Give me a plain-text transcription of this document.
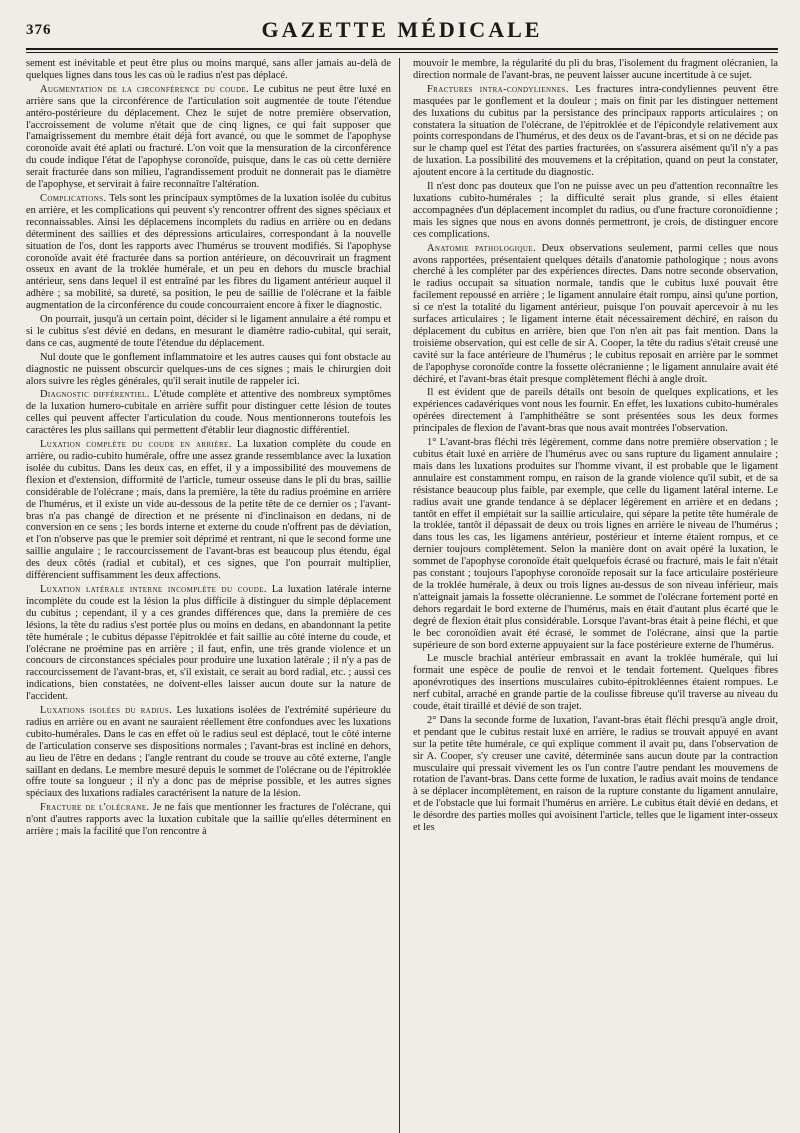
376	GAZETTE MÉDICALE

sement est inévitable et peut être plus ou moins marqué, sans aller jamais au-delà de quelques lignes dans tous les cas où le radius n'est pas déplacé.

Augmentation de la circonférence du coude. Le cubitus ne peut être luxé en arrière sans que la circonférence de l'articulation soit augmentée de toute l'étendue antéro-postérieure du déplacement. Chez le sujet de notre première observation, l'accroissement de volume n'était que de cinq lignes, ce qui fait supposer que l'amaigrissement du membre était déjà fort avancé, ou que le sommet de l'apophyse coronoïde avait été aplati ou fracturé. L'on voit que la mensuration de la circonférence du coude indique l'état de l'apophyse coronoïde, puisque, dans le cas où cette dernière serait fracturée dans son milieu, l'agrandissement produit ne donnerait pas le diamètre de l'apophyse, et servirait à faire reconnaître l'altération.

Complications. Tels sont les principaux symptômes de la luxation isolée du cubitus en arrière, et les complications qui peuvent s'y rencontrer offrent des signes spéciaux et reconnaissables. Ainsi les déplacemens incomplets du radius en arrière ou en dedans déterminent des saillies et des dépressions articulaires, correspondant à la nouvelle situation de l'os, dont les rapports avec l'humérus se trouvent modifiés. Si l'apophyse coronoïde avait été fracturée dans sa portion antérieure, on découvrirait un fragment osseux en avant de la troklée humérale, et un peu en dehors du muscle brachial antérieur, sens dans lequel il est entraîné par les fibres du ligament antérieur auquel il adhère ; sa mobilité, sa dureté, sa position, le peu de saillie de l'olécrane et la faible augmentation de la circonférence du coude concourraient encore à fixer le diagnostic.

On pourrait, jusqu'à un certain point, décider si le ligament annulaire a été rompu et si le cubitus s'est dévié en dedans, en mesurant le diamètre radio-cubital, qui serait, dans ce cas, augmenté de toute l'étendue du déplacement.

Nul doute que le gonflement inflammatoire et les autres causes qui font obstacle au diagnostic ne puissent obscurcir quelques-uns de ces signes ; mais le chirurgien doit alors suivre les règles générales, qu'il serait inutile de rappeler ici.

Diagnostic différentiel. L'étude complète et attentive des nombreux symptômes de la luxation humero-cubitale en arrière suffit pour distinguer cette lésion de toutes celles qui peuvent affecter l'articulation du coude. Nous mentionnerons toutefois les caractères les plus saillans qui permettent d'établir leur diagnostic différentiel.

Luxation complète du coude en arrière. La luxation complète du coude en arrière, ou radio-cubito humérale, offre une assez grande ressemblance avec la luxation isolée du cubitus. Dans les deux cas, en effet, il y a impossibilité des mouvemens de flexion et d'extension, difformité de l'article, tumeur osseuse dans le pli du bras, saillie considérable de l'olécrane ; mais, dans la première, la tête du radius proémine en arrière de l'humérus, et il existe un vide au-dessous de la petite tête de ce dernier os ; l'avant-bras n'a pas changé de direction et ne présente ni d'inclinaison en dedans, ni de conversion en ce sens ; les bords interne et externe du coude n'offrent pas de déviation, et l'on n'observe pas que le premier soit déprimé et rentrant, ni que le second forme une saillie angulaire ; le raccourcissement de l'avant-bras est beaucoup plus étendu, égal des deux côtés (radial et cubital), et ces signes, que l'on pourrait multiplier, différencient suffisamment les deux affections.

Luxation latérale interne incomplète du coude. La luxation latérale interne incomplète du coude est la lésion la plus difficile à distinguer du simple déplacement du cubitus ; cependant, il y a ces grandes différences que, dans la première de ces lésions, la tête du radius s'est portée plus ou moins en dedans, en abandonnant la petite tête humérale ; le cubitus dépasse l'épitroklée et fait saillie au côté interne du coude, et l'olécrane ne proémine pas en arrière ; il faut, enfin, une très grande violence et un concours de circonstances spéciales pour produire une luxation latérale ; il n'y a pas de raccourcissement de l'avant-bras, et, s'il existait, ce serait au bord radial, etc. ; aussi ces indications, bien constatées, ne doivent-elles laisser aucun doute sur la nature de l'accident.

Luxations isolées du radius. Les luxations isolées de l'extrémité supérieure du radius en arrière ou en avant ne sauraient réellement être confondues avec les luxations cubito-humérales. Dans le cas en effet où le radius seul est déplacé, tout le côté interne de l'articulation conserve ses dispositions normales ; l'avant-bras est incliné en dehors, au lieu de l'être en dedans ; l'angle rentrant du coude se trouve au côté externe, l'angle saillant en dedans. Le membre mesuré depuis le sommet de l'olécrane ou de l'épitroklée offre toute sa longueur ; il n'y a donc pas de méprise possible, et les autres signes spéciaux des luxations radiales caractérisent la nature de la lésion.

Fracture de l'olécrane. Je ne fais que mentionner les fractures de l'olécrane, qui n'ont d'autres rapports avec la luxation cubitale que la saillie qu'elles déterminent en arrière ; mais la facilité que l'on rencontre à

mouvoir le membre, la régularité du pli du bras, l'isolement du fragment olécranien, la direction normale de l'avant-bras, ne peuvent laisser aucune incertitude à ce sujet.

Fractures intra-condyliennes. Les fractures intra-condyliennes peuvent être masquées par le gonflement et la douleur ; mais on finit par les distinguer nettement des luxations du cubitus par la persistance des principaux rapports articulaires ; on constatera la situation de l'olécrane, de l'épitroklée et de l'épicondyle relativement aux points correspondans de l'humérus, et des deux os de l'avant-bras, et si on ne décide pas sur le champ quel est l'état des parties fracturées, on s'assurera aisément qu'il n'y a pas de luxation. La possibilité des mouvemens et la crépitation, quand on peut la constater, ajoutent encore à la certitude du diagnostic.

Il n'est donc pas douteux que l'on ne puisse avec un peu d'attention reconnaître les luxations cubito-humérales ; la difficulté serait plus grande, si elles étaient accompagnées d'un déplacement incomplet du radius, ou d'une fracture coronoïdienne ; mais les signes que nous en avons donnés permettront, je crois, de distinguer encore ces complications.

Anatomie pathologique. Deux observations seulement, parmi celles que nous avons rapportées, présentaient quelques détails d'anatomie pathologique ; nous avons cherché à les compléter par des expériences directes. Dans notre seconde observation, le radius occupait sa situation normale, tandis que le cubitus luxé pouvait être facilement repoussé en arrière ; le ligament annulaire était rompu, ainsi qu'une portion, si ce n'est la totalité du ligament antérieur, puisque l'on pouvait apercevoir à nu les surfaces articulaires ; le ligament interne était nécessairement déchiré, en raison du déplacement du cubitus en arrière, bien que l'on n'en ait pas fait mention. Dans la troisième observation, qui est celle de sir A. Cooper, la tête du radius s'était creusé une cavité sur la face antérieure de l'humérus ; le cubitus reposait en arrière par le sommet de l'apophyse coronoïde contre la fossette olécranienne ; le ligament annulaire avait été déchiré, et l'avant-bras était presque complètement fléchi à angle droit.

Il est évident que de pareils détails ont besoin de quelques explications, et les expériences cadavériques vont nous les fournir. En effet, les luxations cubito-humérales opérées directement à l'amphithéâtre se sont présentées sous les deux formes principales de flexion de l'avant-bras que nous avait montrées l'observation.

1° L'avant-bras fléchi très légèrement, comme dans notre première observation ; le cubitus était luxé en arrière de l'humérus avec ou sans rupture du ligament annulaire ; mais dans les luxations produites sur l'homme vivant, il est probable que le ligament annulaire est constamment rompu, en raison de la grande violence qu'il subit, et de sa résistance beaucoup plus faible, par exemple, que celle du ligament latéral interne. Le radius avait une grande tendance à se déplacer légèrement en arrière et en dedans ; tantôt en effet il empiétait sur la saillie articulaire, qui sépare la petite tête humérale de la troklée, tantôt il dépassait de deux ou trois lignes en arrière le niveau de l'humérus ; dans tous les cas, les ligamens antérieur, postérieur et interne étaient rompus, et ce dernier toujours complètement. Selon la manière dont on avait opéré la luxation, le sommet de l'apophyse coronoïde était quelquefois écrasé ou fracturé, mais le fait n'était pas constant ; toujours l'apophyse coronoïde reposait sur la face articulaire postérieure de la troklée humérale, à deux ou trois lignes au-dessus de son niveau inférieur, mais n'atteignait jamais la fossette olécranienne. Le sommet de l'olécrane fortement porté en dehors regardait le bord externe de l'humérus, mais en était d'autant plus écarté que le degré de flexion était plus considérable. Lorsque l'avant-bras était à peine fléchi, et que le bec coronoïdien avait été écrasé, le sommet de l'olécrane, ainsi que la partie supérieure de son bord externe appuyaient sur la face postérieure externe de l'humérus.

Le muscle brachial antérieur embrassait en avant la troklée humérale, qui lui formait une espèce de poulie de renvoi et le tendait fortement. Quelques fibres aponévrotiques des insertions musculaires cubito-épitrokléennes étaient rompues. Le nerf cubital, arraché en grande partie de la coulisse fibreuse qu'il traverse au niveau du coude, était tiraillé et dévié de son trajet.

2° Dans la seconde forme de luxation, l'avant-bras était fléchi presqu'à angle droit, et pendant que le cubitus restait luxé en arrière, le radius se trouvait appuyé en avant sur la petite tête humérale, ce qui explique comment il avait pu, dans l'observation de sir A. Cooper, s'y creuser une cavité, déterminée sans aucun doute par la contraction musculaire qui pressait vivement les os l'un contre l'autre pendant les mouvemens de rotation de l'avant-bras. Dans cette forme de luxation, le radius avait moins de tendance à se déplacer incomplètement, en raison de la rupture constante du ligament annulaire, et de l'obstacle que lui formait l'humérus en arrière. Le cubitus était dévié en dedans, et le désordre des parties molles qui avoisinent l'article, telles que le ligament inter-osseux et les
